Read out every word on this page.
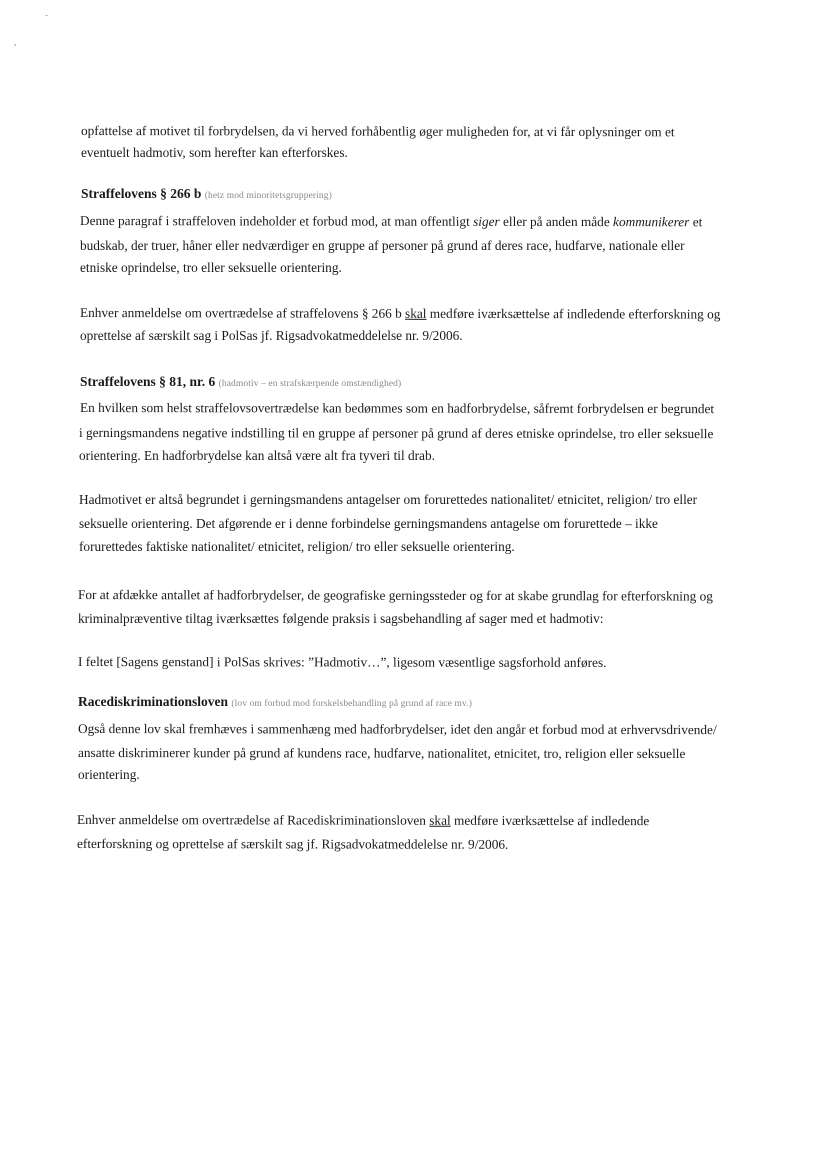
ˍ
,
opfattelse af motivet til forbrydelsen, da vi herved forhåbentlig øger muligheden for, at vi får oplysninger om et
eventuelt hadmotiv, som herefter kan efterforskes.
Straffelovens § 266 b (hetz mod minoritetsgruppering)
Denne paragraf i straffeloven indeholder et forbud mod, at man offentligt siger eller på anden måde kommunikerer et
budskab, der truer, håner eller nedværdiger en gruppe af personer på grund af deres race, hudfarve, nationale eller
etniske oprindelse, tro eller seksuelle orientering.
Enhver anmeldelse om overtrædelse af straffelovens § 266 b skal medføre iværksættelse af indledende efterforskning og
oprettelse af særskilt sag i PolSas jf. Rigsadvokatmeddelelse nr. 9/2006.
Straffelovens § 81, nr. 6 (hadmotiv – en strafskærpende omstændighed)
En hvilken som helst straffelovsovertrædelse kan bedømmes som en hadforbrydelse, såfremt forbrydelsen er begrundet
i gerningsmandens negative indstilling til en gruppe af personer på grund af deres etniske oprindelse, tro eller seksuelle
orientering. En hadforbrydelse kan altså være alt fra tyveri til drab.
Hadmotivet er altså begrundet i gerningsmandens antagelser om forurettedes nationalitet/ etnicitet, religion/ tro eller
seksuelle orientering. Det afgørende er i denne forbindelse gerningsmandens antagelse om forurettede – ikke
forurettedes faktiske nationalitet/ etnicitet, religion/ tro eller seksuelle orientering.
For at afdække antallet af hadforbrydelser, de geografiske gerningssteder og for at skabe grundlag for efterforskning og
kriminalpræventive tiltag iværksættes følgende praksis i sagsbehandling af sager med et hadmotiv:
I feltet [Sagens genstand] i PolSas skrives: ”Hadmotiv…”, ligesom væsentlige sagsforhold anføres.
Racediskriminationsloven (lov om forbud mod forskelsbehandling på grund af race mv.)
Også denne lov skal fremhæves i sammenhæng med hadforbrydelser, idet den angår et forbud mod at erhvervsdrivende/
ansatte diskriminerer kunder på grund af kundens race, hudfarve, nationalitet, etnicitet, tro, religion eller seksuelle
orientering.
Enhver anmeldelse om overtrædelse af Racediskriminationsloven skal medføre iværksættelse af indledende
efterforskning og oprettelse af særskilt sag jf. Rigsadvokatmeddelelse nr. 9/2006.
